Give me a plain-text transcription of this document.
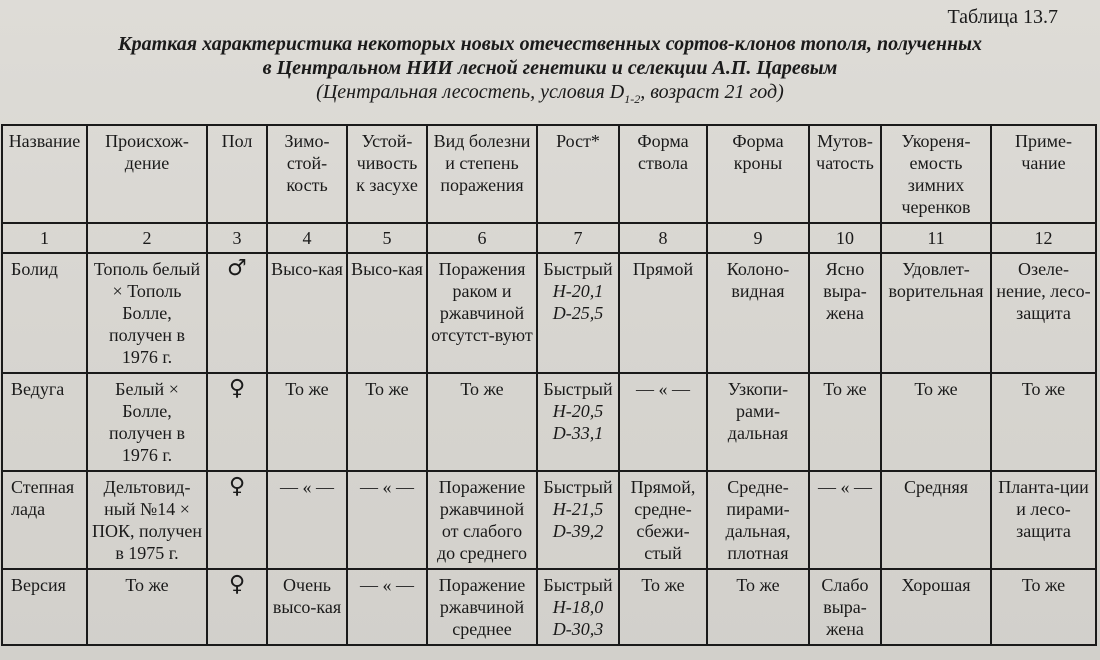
Таблица 13.7
Краткая характеристика некоторых новых отечественных сортов-клонов тополя, полученных
в Центральном НИИ лесной генетики и селекции А.П. Царевым
(Центральная лесостепь, условия $D_{1-2}$, возраст 21 год)
Название	Происхож-дение	Пол	Зимо-стой-кость	Устой-чивость к засухе	Вид болезни и степень поражения	Рост*	Форма ствола	Форма кроны	Мутов-чатость	Укореня-емость зимних черенков	Приме-чание
1	2	3	4	5	6	7	8	9	10	11	12
Болид	Тополь белый × Тополь Болле, получен в 1976 г.	♂	Высо-кая	Высо-кая	Поражения раком и ржавчиной отсутст-вуют	Быстрый
Н-20,1
D-25,5	Прямой	Колоно-видная	Ясно выра-жена	Удовлет-ворительная	Озеле-нение, лесо-защита
Ведуга	Белый × Болле, получен в 1976 г.	♀	То же	То же	То же	Быстрый
Н-20,5
D-33,1	— « —	Узкопи-рами-дальная	То же	То же	То же
Степная лада	Дельтовид-ный №14 × ПОК, получен в 1975 г.	♀	— « —	— « —	Поражение ржавчиной от слабого до среднего	Быстрый
Н-21,5
D-39,2	Прямой, средне-сбежи-стый	Средне-пирами-дальная, плотная	— « —	Средняя	Планта-ции и лесо-защита
Версия	То же	♀	Очень высо-кая	— « —	Поражение ржавчиной среднее	Быстрый
Н-18,0
D-30,3	То же	То же	Слабо выра-жена	Хорошая	То же
